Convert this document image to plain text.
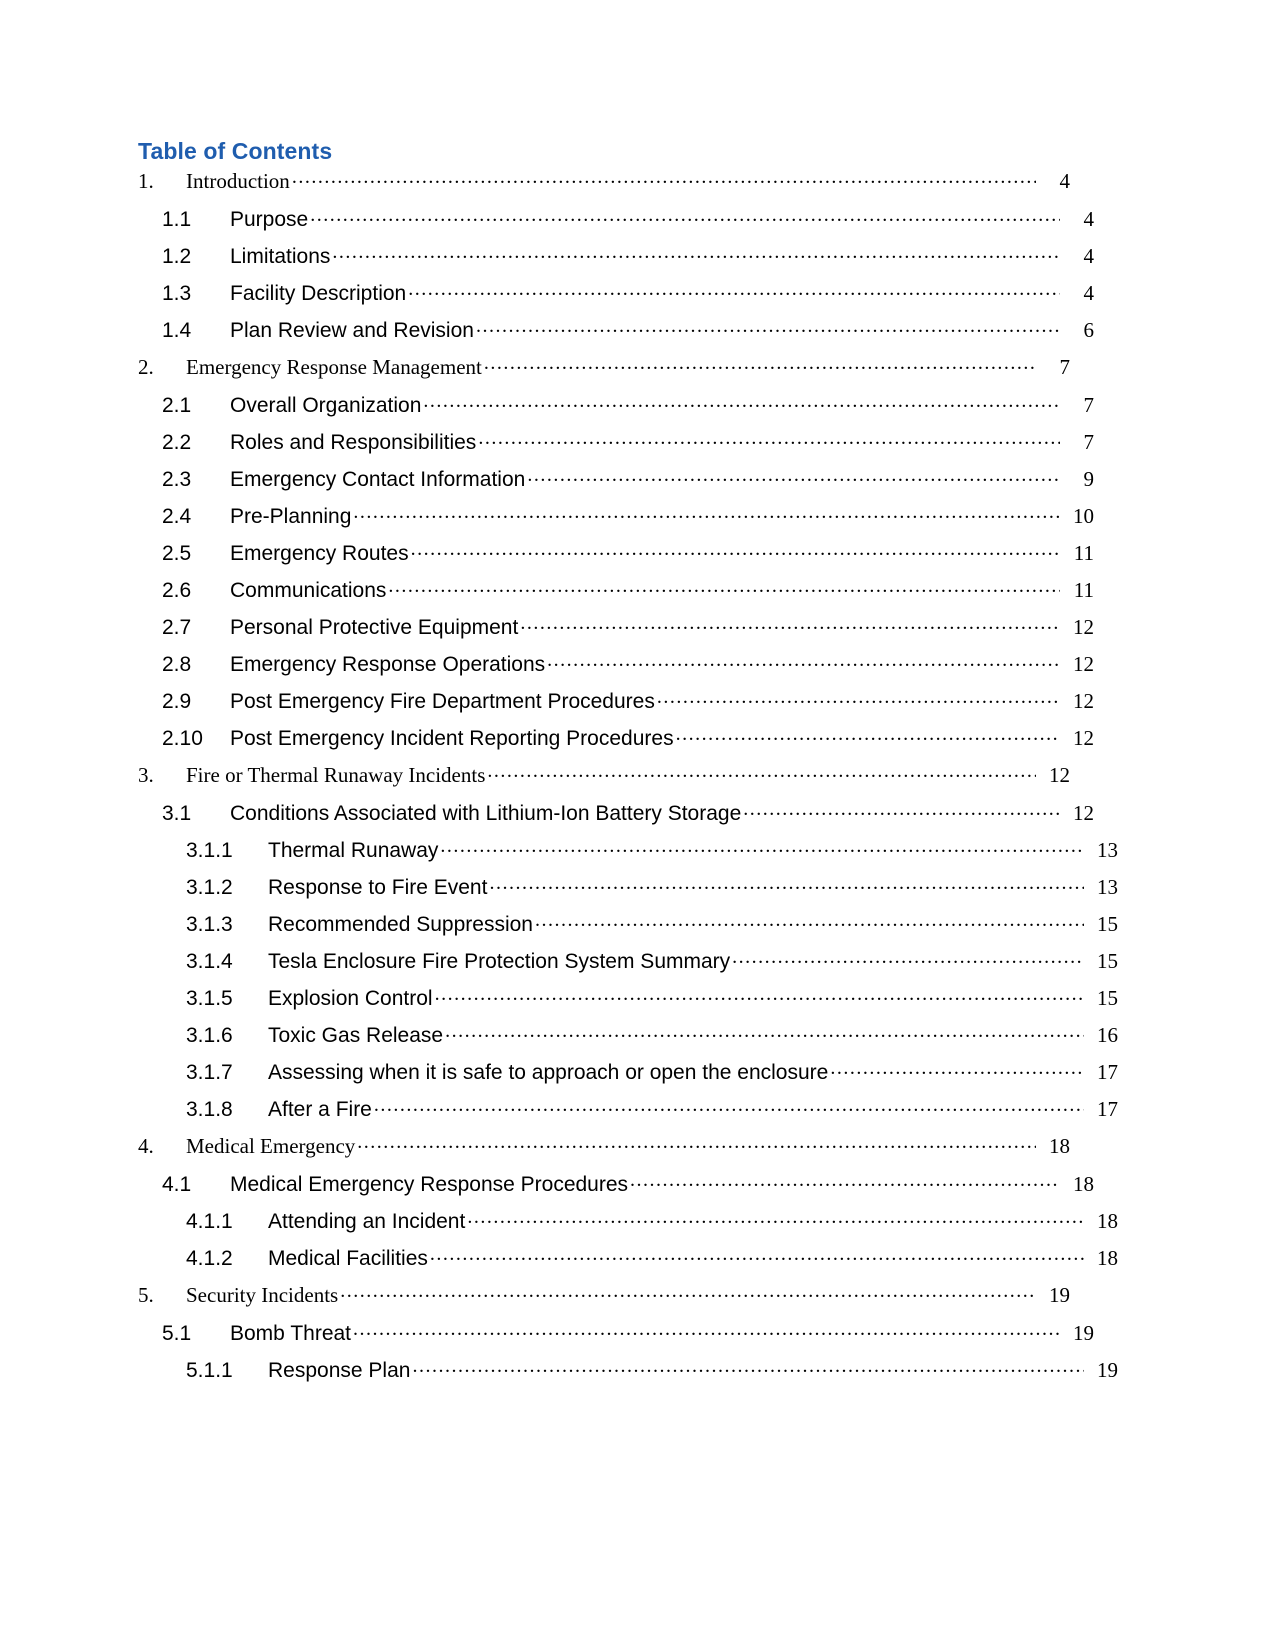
Table of Contents
1.	Introduction .....	4
1.1	Purpose .....	4
1.2	Limitations .....	4
1.3	Facility Description .....	4
1.4	Plan Review and Revision .....	6
2.	Emergency Response Management .....	7
2.1	Overall Organization .....	7
2.2	Roles and Responsibilities .....	7
2.3	Emergency Contact Information .....	9
2.4	Pre-Planning .....	10
2.5	Emergency Routes .....	11
2.6	Communications .....	11
2.7	Personal Protective Equipment .....	12
2.8	Emergency Response Operations .....	12
2.9	Post Emergency Fire Department Procedures .....	12
2.10	Post Emergency Incident Reporting Procedures .....	12
3.	Fire or Thermal Runaway Incidents .....	12
3.1	Conditions Associated with Lithium-Ion Battery Storage .....	12
3.1.1	Thermal Runaway .....	13
3.1.2	Response to Fire Event .....	13
3.1.3	Recommended Suppression .....	15
3.1.4	Tesla Enclosure Fire Protection System Summary .....	15
3.1.5	Explosion Control .....	15
3.1.6	Toxic Gas Release .....	16
3.1.7	Assessing when it is safe to approach or open the enclosure .....	17
3.1.8	After a Fire .....	17
4.	Medical Emergency .....	18
4.1	Medical Emergency Response Procedures .....	18
4.1.1	Attending an Incident .....	18
4.1.2	Medical Facilities .....	18
5.	Security Incidents .....	19
5.1	Bomb Threat .....	19
5.1.1	Response Plan .....	19
